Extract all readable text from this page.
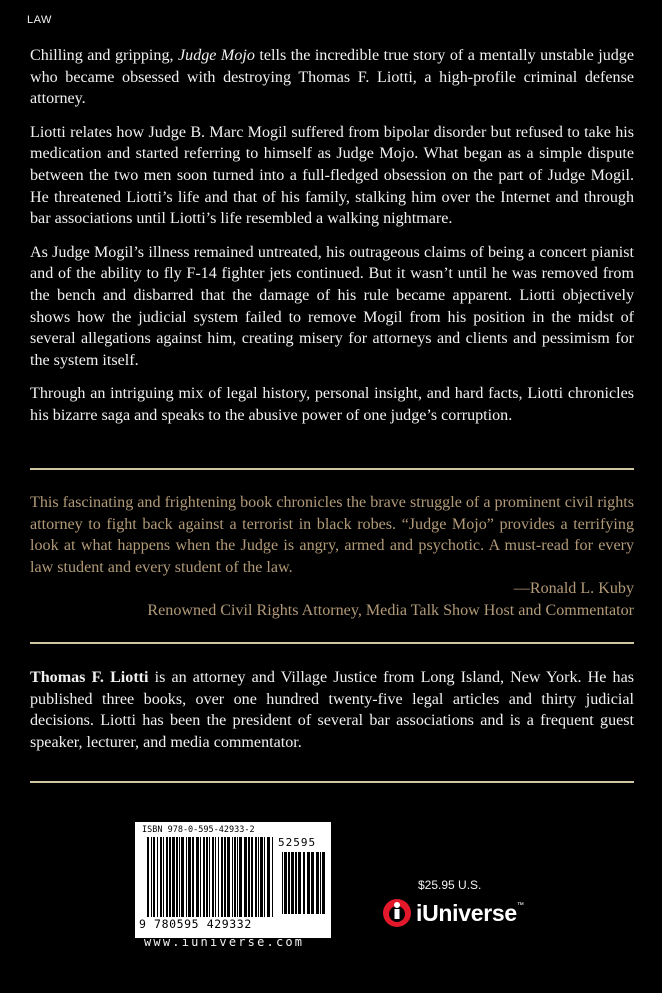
LAW

Chilling and gripping, Judge Mojo tells the incredible true story of a mentally unstable judge who became obsessed with destroying Thomas F. Liotti, a high-profile criminal defense attorney.

Liotti relates how Judge B. Marc Mogil suffered from bipolar disorder but refused to take his medication and started referring to himself as Judge Mojo. What began as a simple dispute between the two men soon turned into a full-fledged obsession on the part of Judge Mogil. He threatened Liotti’s life and that of his family, stalking him over the Internet and through bar associations until Liotti’s life resembled a walking nightmare.

As Judge Mogil’s illness remained untreated, his outrageous claims of being a concert pianist and of the ability to fly F-14 fighter jets continued. But it wasn’t until he was removed from the bench and disbarred that the damage of his rule became apparent. Liotti objectively shows how the judicial system failed to remove Mogil from his position in the midst of several allegations against him, creating misery for attorneys and clients and pessimism for the system itself.

Through an intriguing mix of legal history, personal insight, and hard facts, Liotti chronicles his bizarre saga and speaks to the abusive power of one judge’s corruption.

This fascinating and frightening book chronicles the brave struggle of a prominent civil rights attorney to fight back against a terrorist in black robes. “Judge Mojo” provides a terrifying look at what happens when the Judge is angry, armed and psychotic. A must-read for every law student and every student of the law.

—Ronald L. Kuby

Renowned Civil Rights Attorney, Media Talk Show Host and Commentator

Thomas F. Liotti is an attorney and Village Justice from Long Island, New York. He has published three books, over one hundred twenty-five legal articles and thirty judicial decisions. Liotti has been the president of several bar associations and is a frequent guest speaker, lecturer, and media commentator.

ISBN 978-0-595-42933-2
52595
9 780595 429332
www.iuniverse.com
$25.95 U.S.
iUniverse™
